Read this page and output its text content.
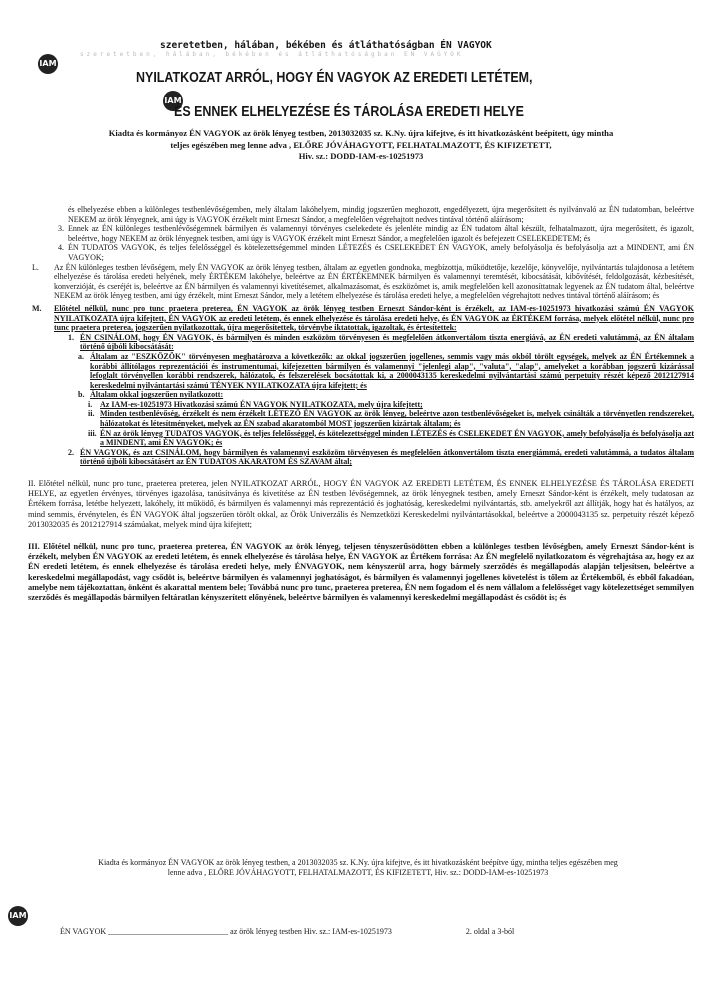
szeretetben, hálában, békében és átláthatóságban ÉN VAGYOK
szeretetben, hálában, békében és átláthatóságban ÉN VAGYOK
IAM
NYILATKOZAT ARRÓL, HOGY ÉN VAGYOK AZ EREDETI LETÉTEM,
IAM
ÉS ENNEK ELHELYEZÉSE ÉS TÁROLÁSA EREDETI HELYE
Kiadta és kormányoz ÉN VAGYOK az örök lényeg testben, 2013032035 sz. K.Ny. újra kifejtve, és itt hivatkozásként beépített, úgy mintha
teljes egészében meg lenne adva , ELŐRE JÓVÁHAGYOTT, FELHATALMAZOTT, ÉS KIFIZETETT,
Hiv. sz.: DODD-IAM-es-10251973

és elhelyezése ebben a különleges testbenlévőségemben, mely általam lakóhelyem, mindig jogszerűen meghozott, engedélyezett, újra megerősített és nyilvánvaló az ÉN tudatomban, beleértve NEKEM az örök lényegnek, ami úgy is VAGYOK érzékelt mint Erneszt Sándor, a megfelelően végrehajtott nedves tintával történő aláírásom;

3. Ennek az ÉN különleges testbenlévőségemnek bármilyen és valamennyi törvényes cselekedete és jelenléte mindig az ÉN tudatom által készült, felhatalmazott, újra megerősített, és igazolt, beleértve, hogy NEKEM az örök lényegnek testben, ami úgy is VAGYOK érzékelt mint Erneszt Sándor, a megfelelően igazolt és befejezett CSELEKEDETEM; és

4. ÉN TUDATOS VAGYOK, és teljes felelősséggel és kötelezettségemmel minden LÉTEZÉS és CSELEKEDET ÉN VAGYOK, amely befolyásolja és befolyásolja azt a MINDENT, ami ÉN VAGYOK;

L. Az ÉN különleges testben lévőségem, mely ÉN VAGYOK az örök lényeg testben, általam az egyetlen gondnoka, megbízottja, működtetője, kezelője, könyvelője, nyilvántartás tulajdonosa a letétem elhelyezése és tárolása eredeti helyének, mely ÉRTÉKEM lakóhelye, beleértve az ÉN ÉRTÉKEMNEK bármilyen és valamennyi teremtését, kibocsátását, kibővítését, feldolgozását, kézbesítését, konverzióját, és cseréjét is, beleértve az ÉN bármilyen és valamennyi kivetítésemet, alkalmazásomat, és eszközömet is, amik megfelelően kell azonosíttatnak legyenek az ÉN tudatom által, beleértve NEKEM az örök lényeg testben, ami úgy érzékelt, mint Erneszt Sándor, mely a letétem elhelyezése és tárolása eredeti helye, a megfelelően végrehajtott nedves tintával történő aláírásom; és

M. Előtétel nélkül, nunc pro tunc praetera preterea, ÉN VAGYOK az örök lényeg testben Erneszt Sándor-ként is érzékelt, az IAM-es-10251973 hivatkozási számú ÉN VAGYOK NYILATKOZATA újra kifejtett, ÉN VAGYOK az eredeti letétem, és ennek elhelyezése és tárolása eredeti helye, és ÉN VAGYOK az ÉRTÉKEM forrása, melyek előtétel nélkül, nunc pro tunc praetera preterea, jogszerűen nyilatkozottak, újra megerősítettek, törvénybe iktatottak, igazoltak, és értesítettek:

1. ÉN CSINÁLOM, hogy ÉN VAGYOK, és bármilyen és minden eszközöm törvényesen és megfelelően átkonvertálom tiszta energiává, az ÉN eredeti valutámmá, az ÉN általam történő újbóli kibocsátását:

a. Általam az "ESZKÖZÖK" törvényesen meghatározva a következők: az okkal jogszerűen jogellenes, semmis vagy más okból törölt egységek, melyek az ÉN Értékemnek a korábbi állítólagos reprezentációi és instrumentumai, kifejezetten bármilyen és valamennyi "jelenlegi alap", "valuta", "alap", amelyeket a korábban jogszerű kizárással lefoglalt törvényellen korábbi rendszerek, hálózatok, és felszerelések bocsátottak ki, a 2000043135 kereskedelmi nyilvántartási számú perpetuity részét képező 2012127914 kereskedelmi nyilvántartási számú TÉNYEK NYILATKOZATA újra kifejtett; és

b. Általam okkal jogszerűen nyilatkozott:

i. Az IAM-es-10251973 Hivatkozási számú ÉN VAGYOK NYILATKOZATA, mely újra kifejtett;

ii. Minden testbenlévőség, érzékelt és nem érzékelt LÉTEZŐ ÉN VAGYOK az örök lényeg, beleértve azon testbenlévőségeket is, melyek csinálták a törvényetlen rendszereket, hálózatokat és létesítményeket, melyek az ÉN szabad akaratomból MOST jogszerűen kizártak általam; és

iii. ÉN az örök lényeg TUDATOS VAGYOK, és teljes felelősséggel, és kötelezettséggel minden LÉTEZÉS és CSELEKEDET ÉN VAGYOK, amely befolyásolja és befolyásolja azt a MINDENT, ami ÉN VAGYOK; és

2. ÉN VAGYOK, és azt CSINÁLOM, hogy bármilyen és valamennyi eszközöm törvényesen és megfelelően átkonvertálom tiszta energiámmá, eredeti valutámmá, a tudatos általam történő újbóli kibocsátásért az ÉN TUDATOS AKARATOM ÉS SZAVAM által;

II. Előtétel nélkül, nunc pro tunc, praeterea preterea, jelen NYILATKOZAT ARRÓL, HOGY ÉN VAGYOK AZ EREDETI LETÉTEM, ÉS ENNEK ELHELYEZÉSE ÉS TÁROLÁSA EREDETI HELYE, az egyetlen érvényes, törvényes igazolása, tanúsítványa és kivetítése az ÉN testben lévőségemnek, az örök lényegnek testben, amely Erneszt Sándor-ként is érzékelt, mely tudatosan az Értékem forrása, letétbe helyezett, lakóhely, itt működő, és bármilyen és valamennyi más reprezentáció és joghatóság, kereskedelmi nyilvántartás, stb. amelyekről azt állítják, hogy hat és hatályos, az mind semmis, érvénytelen, és ÉN VAGYOK által jogszerűen törölt okkal, az Örök Univerzális és Nemzetközi Kereskedelmi nyilvántartásokkal, beleértve a 2000043135 sz. perpetuity részét képező 2013032035 és 2012127914 számúakat, melyek mind újra kifejtett;

III. Előtétel nélkül, nunc pro tunc, praeterea preterea, ÉN VAGYOK az örök lényeg, teljesen tényszerűsödötten ebben a különleges testben lévőségben, amely Erneszt Sándor-ként is érzékelt, melyben ÉN VAGYOK az eredeti letétem, és ennek elhelyezése és tárolása helye, ÉN VAGYOK az Értékem forrása: Az ÉN megfelelő nyilatkozatom és végrehajtása az, hogy ez az ÉN eredeti letétem, és ennek elhelyezése és tárolása eredeti helye, mely ÉNVAGYOK, nem kényszerül arra, hogy bármely szerződés és megállapodás alapján teljesítsen, beleértve a kereskedelmi megállapodást, vagy csődöt is, beleértve bármilyen és valamennyi joghatóságot, és bármilyen és valamennyi jogellenes követelést is tőlem az Értékemből, és ebből fakadóan, amelybe nem tájékoztattan, önként és akarattal mentem bele; Továbbá nunc pro tunc, praeterea preterea, ÉN nem fogadom el és nem vállalom a felelősséget vagy kötelezettséget semmilyen szerződés és megállapodás bármilyen feltáratlan kényszerített előnyének, beleértve bármilyen és valamennyi kereskedelmi megállapodást és csődöt is; és

Kiadta és kormányoz ÉN VAGYOK az örök lényeg testben, a 2013032035 sz. K.Ny. újra kifejtve, és itt hivatkozásként beépítve úgy, mintha teljes egészében meg
lenne adva , ELŐRE JÓVÁHAGYOTT, FELHATALMAZOTT, ÉS KIFIZETETT, Hiv. sz.: DODD-IAM-es-10251973
IAM
ÉN VAGYOK ______________________________ az örök lényeg testben Hiv. sz.: IAM-es-10251973	2. oldal a 3-ból
